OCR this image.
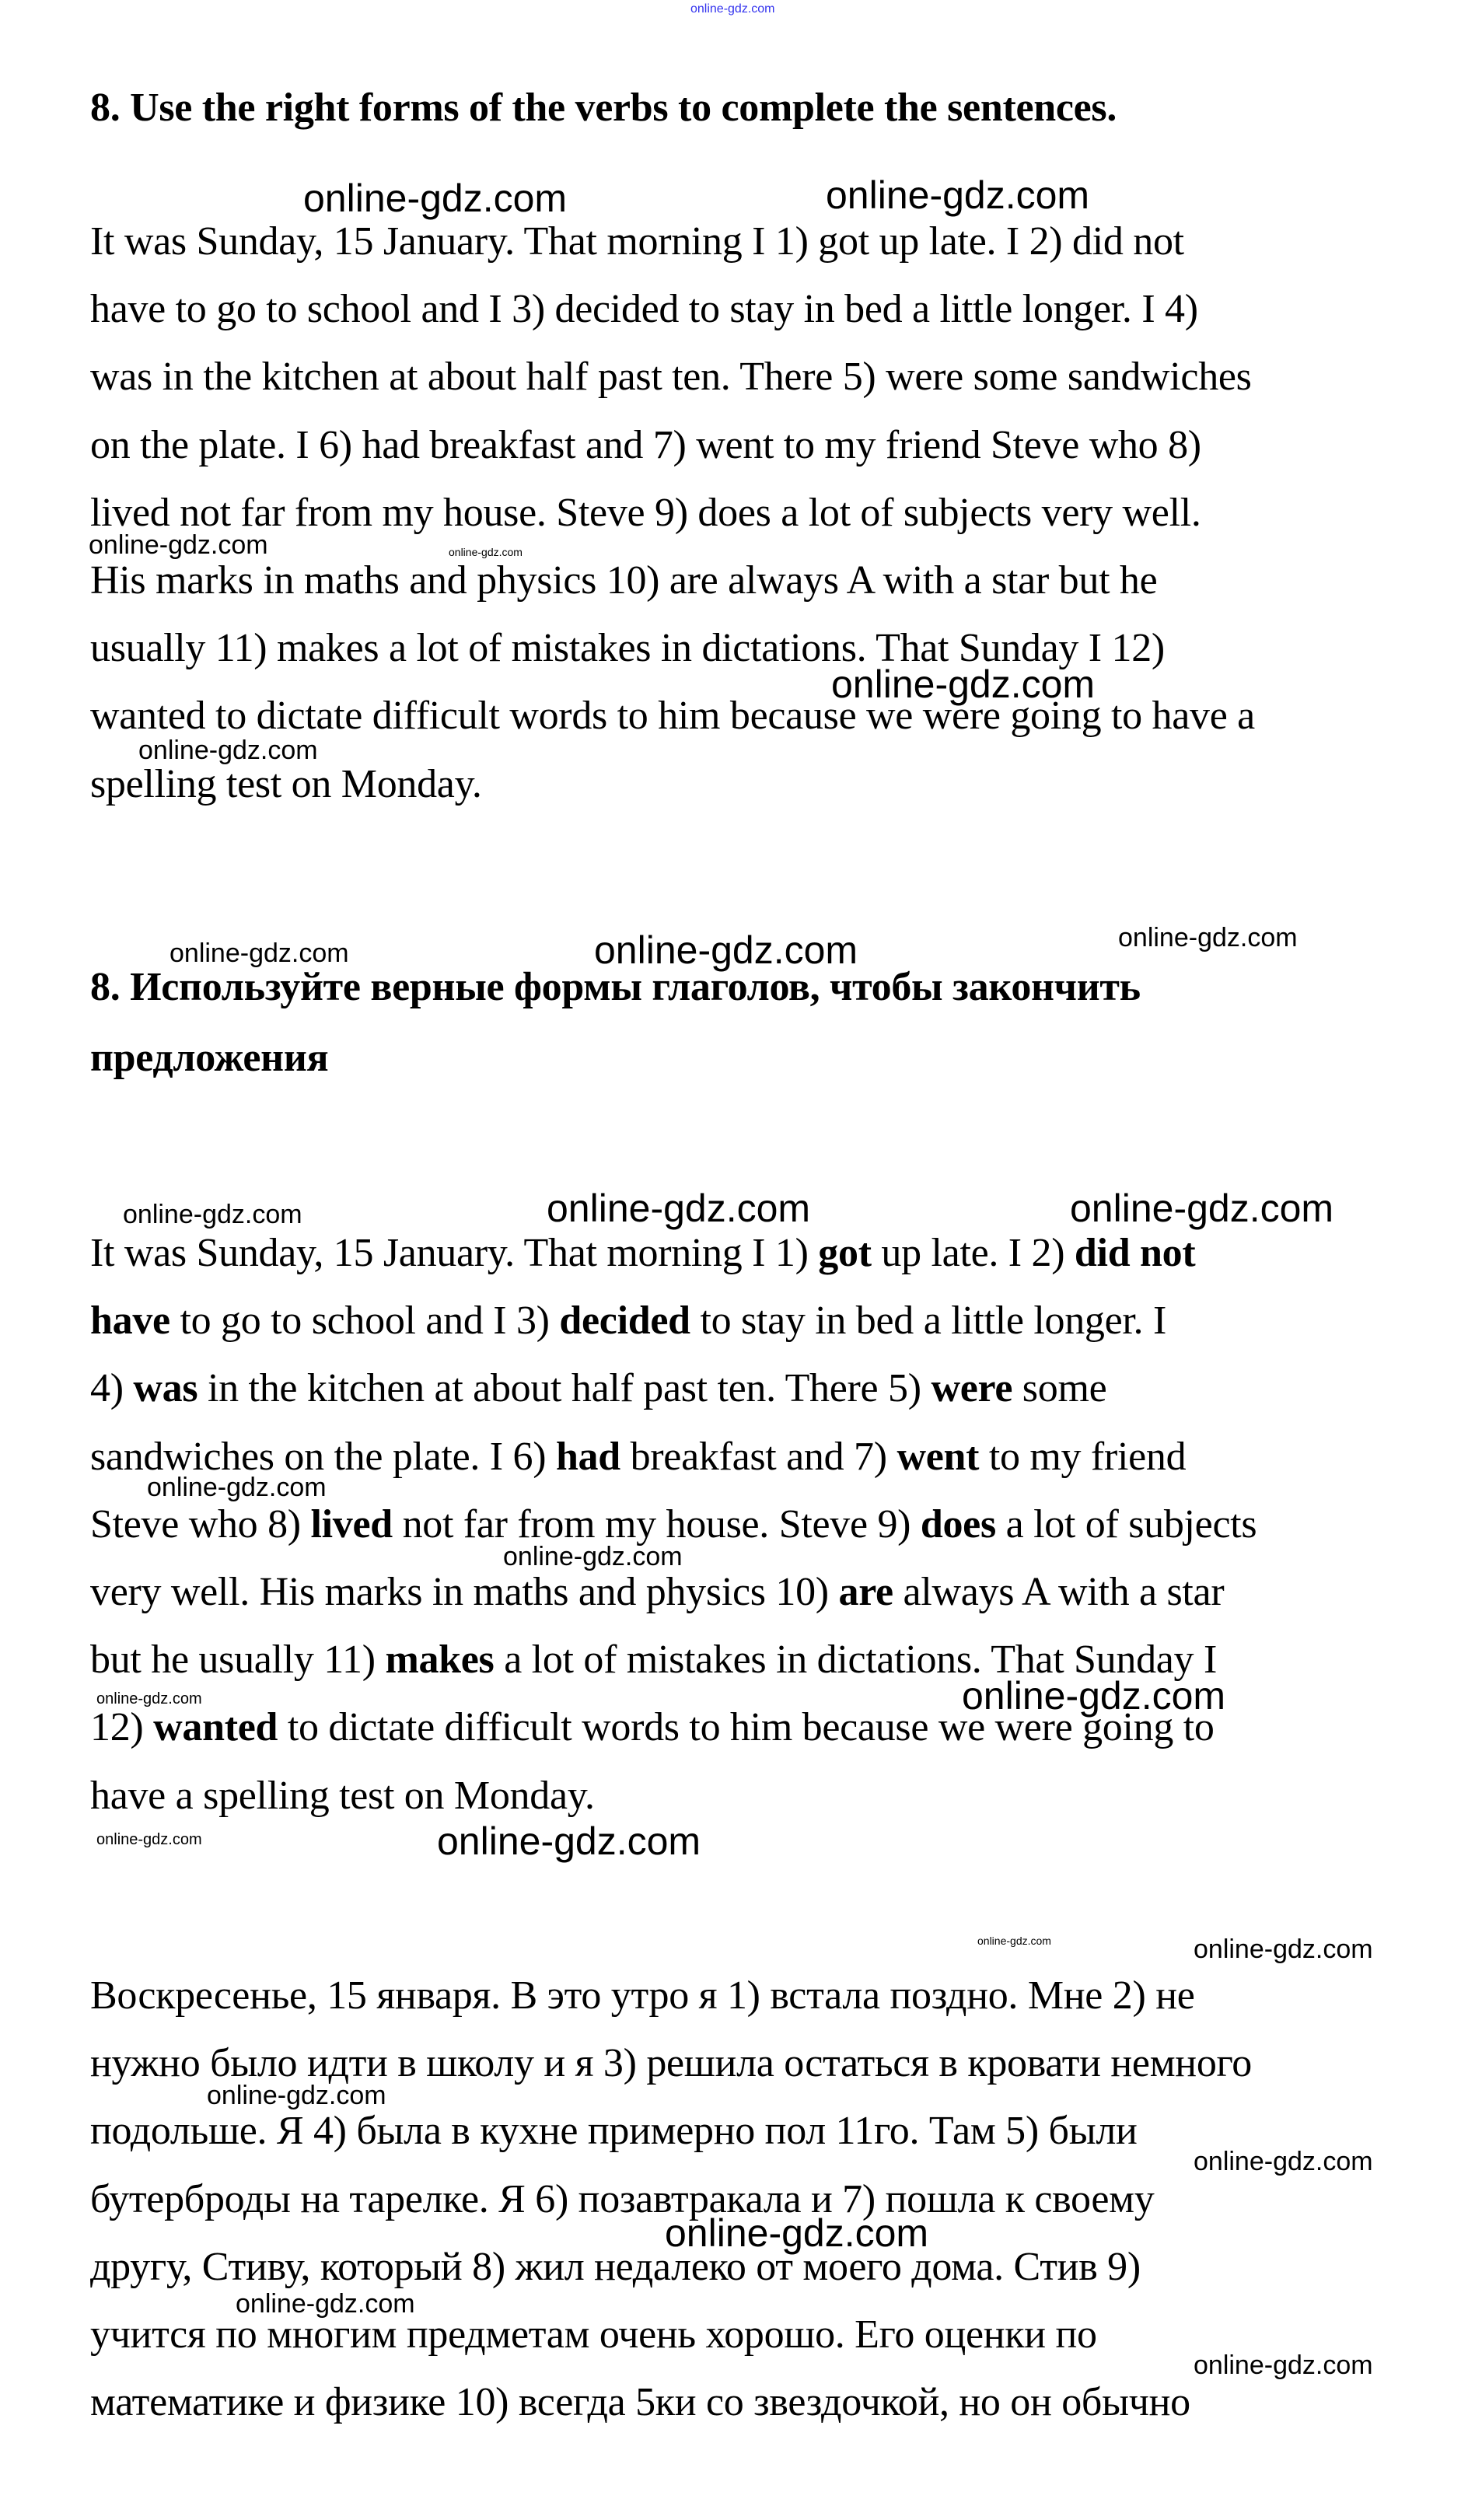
8. Use the right forms of the verbs to complete the sentences.
It was Sunday, 15 January. That morning I 1) got up late. I 2) did not
have to go to school and I 3) decided to stay in bed a little longer. I 4)
was in the kitchen at about half past ten. There 5) were some sandwiches
on the plate. I 6) had breakfast and 7) went to my friend Steve who 8)
lived not far from my house. Steve 9) does a lot of subjects very well.
His marks in maths and physics 10) are always A with a star but he
usually 11) makes a lot of mistakes in dictations. That Sunday I 12)
wanted to dictate difficult words to him because we were going to have a
spelling test on Monday.
8. Используйте верные формы глаголов, чтобы закончить
предложения
It was Sunday, 15 January. That morning I 1) got up late. I 2) did not
have to go to school and I 3) decided to stay in bed a little longer. I
4) was in the kitchen at about half past ten. There 5) were some
sandwiches on the plate. I 6) had breakfast and 7) went to my friend
Steve who 8) lived not far from my house. Steve 9) does a lot of subjects
very well. His marks in maths and physics 10) are always A with a star
but he usually 11) makes a lot of mistakes in dictations. That Sunday I
12) wanted to dictate difficult words to him because we were going to
have a spelling test on Monday.
Воскресенье, 15 января. В это утро я 1) встала поздно. Мне 2) не
нужно было идти в школу и я 3) решила остаться в кровати немного
подольше. Я 4) была в кухне примерно пол 11го. Там 5) были
бутерброды на тарелке. Я 6) позавтракала и 7) пошла к своему
другу, Стиву, который 8) жил недалеко от моего дома. Стив 9)
учится по многим предметам очень хорошо. Его оценки по
математике и физике 10) всегда 5ки со звездочкой, но он обычно
online-gdz.com
online-gdz.com	online-gdz.com
online-gdz.com	online-gdz.com
online-gdz.com
online-gdz.com
online-gdz.com	online-gdz.com	online-gdz.com
online-gdz.com	online-gdz.com	online-gdz.com
online-gdz.com
online-gdz.com
online-gdz.com	online-gdz.com
online-gdz.com	online-gdz.com
online-gdz.com	online-gdz.com
online-gdz.com
online-gdz.com
online-gdz.com
online-gdz.com
online-gdz.com
